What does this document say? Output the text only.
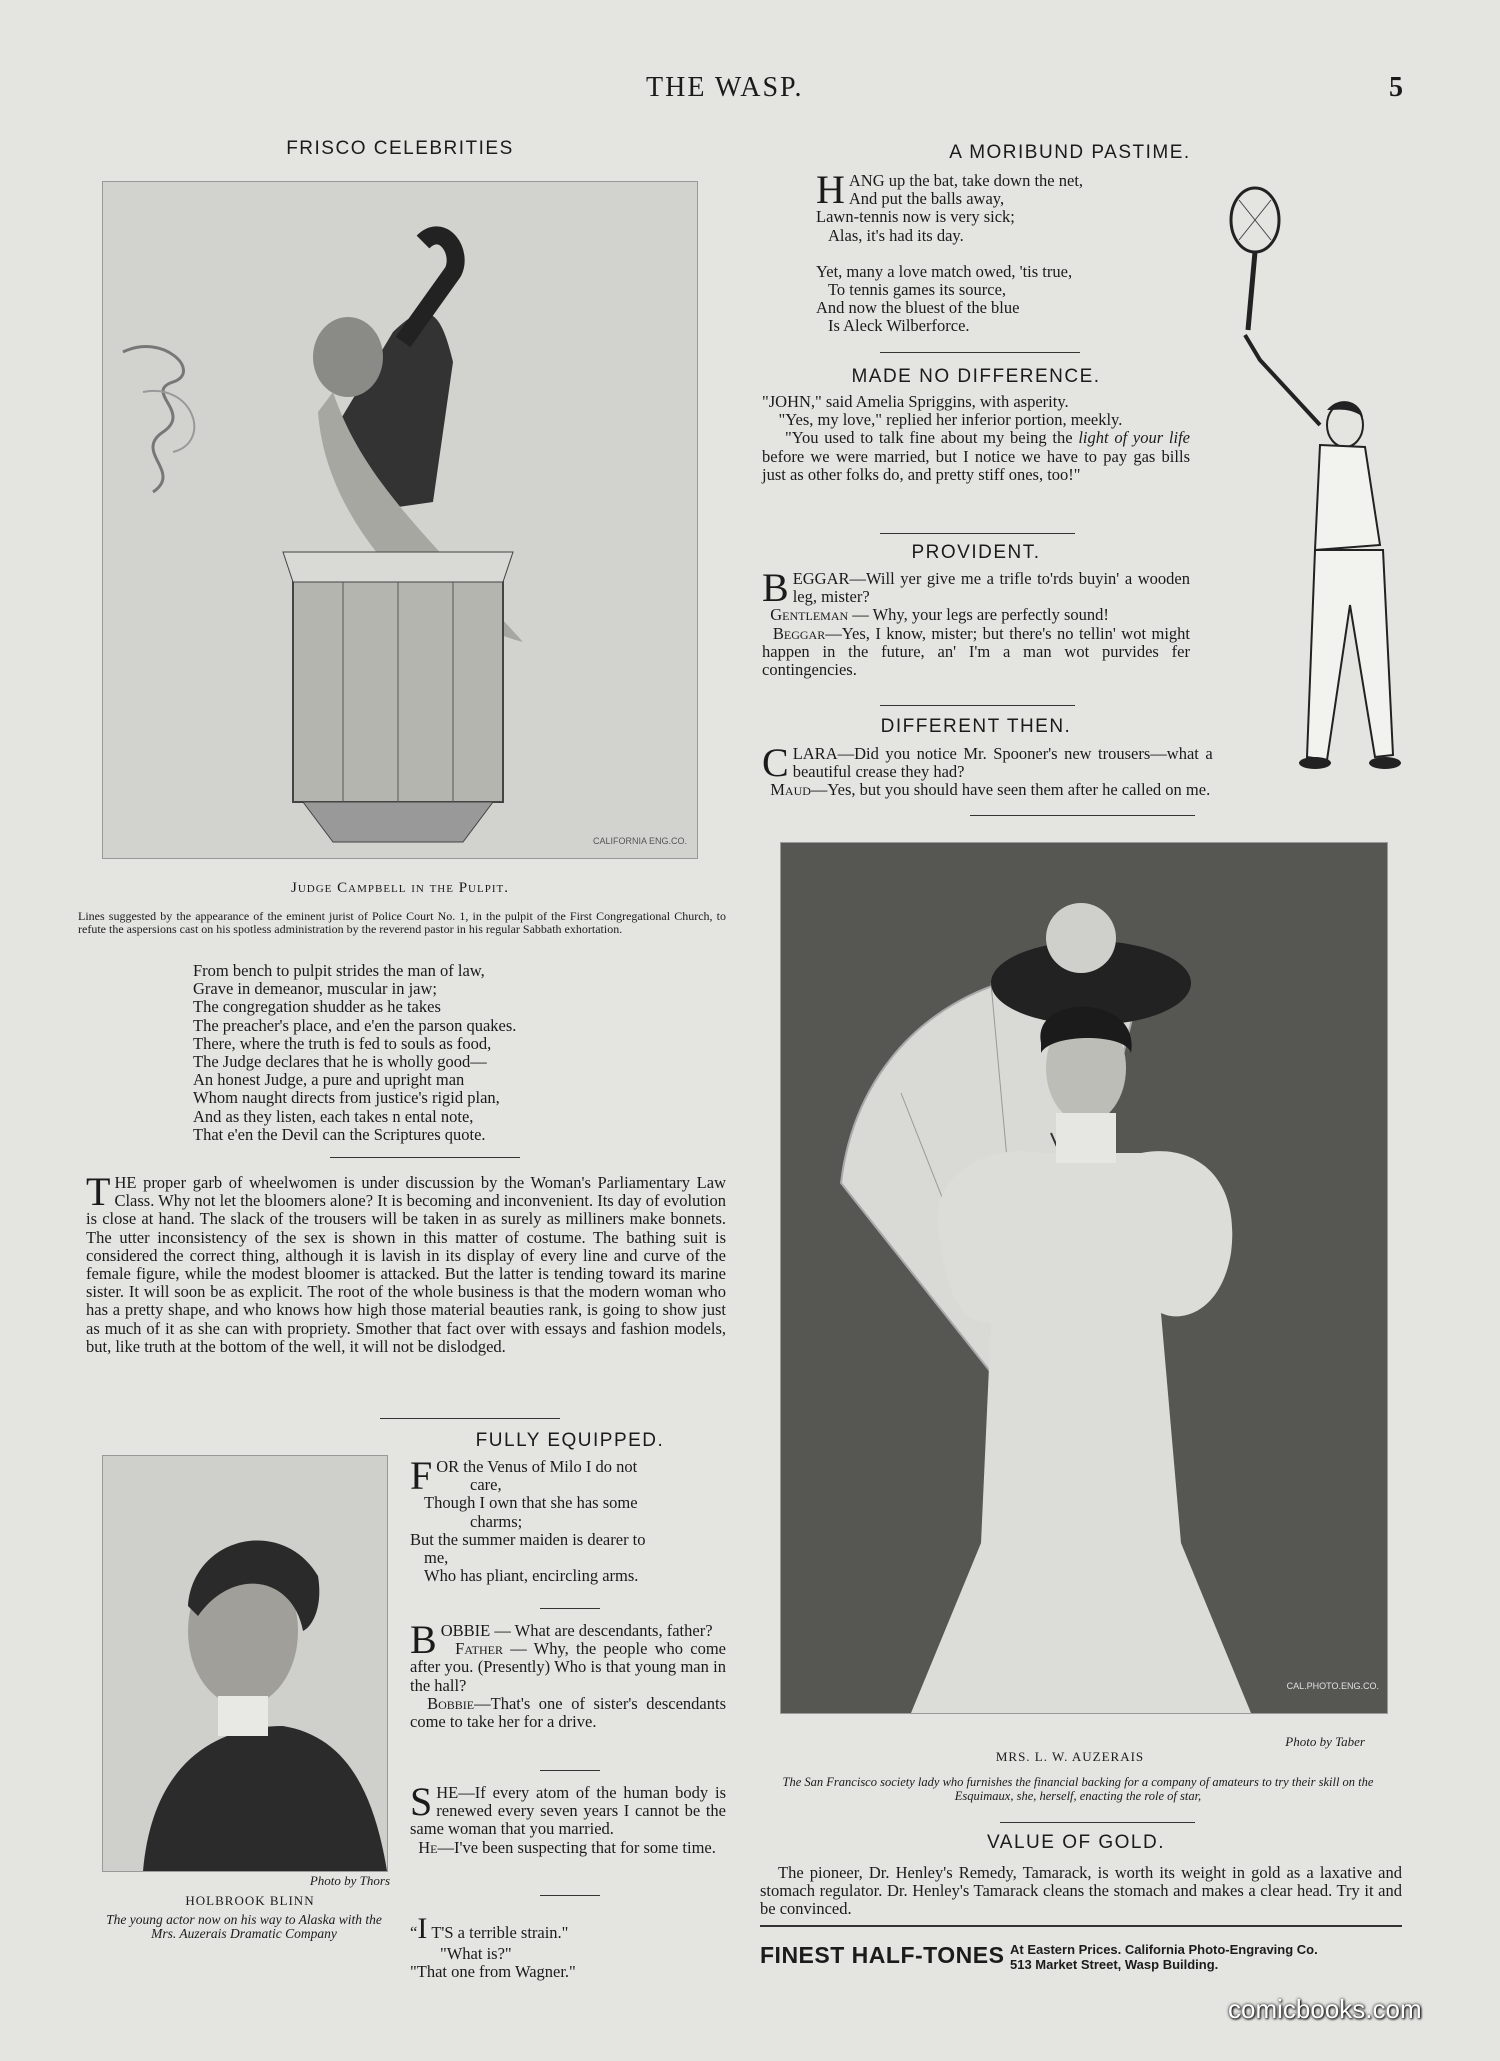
THE WASP.	5
FRISCO CELEBRITIES
CALIFORNIA ENG.CO.
Judge Campbell in the Pulpit.
Lines suggested by the appearance of the eminent jurist of Police Court No. 1, in the pulpit of the First Congregational Church, to refute the aspersions cast on his spotless administration by the reverend pastor in his regular Sabbath exhortation.
From bench to pulpit strides the man of law,
Grave in demeanor, muscular in jaw;
The congregation shudder as he takes
The preacher's place, and e'en the parson quakes.
There, where the truth is fed to souls as food,
The Judge declares that he is wholly good—
An honest Judge, a pure and upright man
Whom naught directs from justice's rigid plan,
And as they listen, each takes n ental note,
That e'en the Devil can the Scriptures quote.
THE proper garb of wheelwomen is under discussion by the Woman's Parliamentary Law Class. Why not let the bloomers alone? It is becoming and inconvenient. Its day of evolution is close at hand. The slack of the trousers will be taken in as surely as milliners make bonnets. The utter inconsistency of the sex is shown in this matter of costume. The bathing suit is considered the correct thing, although it is lavish in its display of every line and curve of the female figure, while the modest bloomer is attacked. But the latter is tending toward its marine sister. It will soon be as explicit. The root of the whole business is that the modern woman who has a pretty shape, and who knows how high those material beauties rank, is going to show just as much of it as she can with propriety. Smother that fact over with essays and fashion models, but, like truth at the bottom of the well, it will not be dislodged.
Photo by Thors
HOLBROOK BLINN
The young actor now on his way to Alaska with the Mrs. Auzerais Dramatic Company
FULLY EQUIPPED.
F OR the Venus of Milo I do not
care,
Though I own that she has some
charms;
But the summer maiden is dearer to
me,
Who has pliant, encircling arms.
BOBBIE — What are descendants, father?
Father — Why, the people who come after you. (Presently) Who is that young man in the hall?
Bobbie—That's one of sister's descendants come to take her for a drive.
SHE—If every atom of the human body is renewed every seven years I cannot be the same woman that you married.
He—I've been suspecting that for some time.
“I T'S a terrible strain."
"What is?"
"That one from Wagner."
A MORIBUND PASTIME.
H ANG up the bat, take down the net,
And put the balls away,
Lawn-tennis now is very sick;
Alas, it's had its day.
Yet, many a love match owed, 'tis true,
To tennis games its source,
And now the bluest of the blue
Is Aleck Wilberforce.
MADE NO DIFFERENCE.
"JOHN," said Amelia Spriggins, with asperity.
"Yes, my love," replied her inferior portion, meekly.
"You used to talk fine about my being the light of your life before we were married, but I notice we have to pay gas bills just as other folks do, and pretty stiff ones, too!"
PROVIDENT.
BEGGAR—Will yer give me a trifle to'rds buyin' a wooden leg, mister?
Gentleman — Why, your legs are perfectly sound!
Beggar—Yes, I know, mister; but there's no tellin' wot might happen in the future, an' I'm a man wot purvides fer contingencies.
DIFFERENT THEN.
C LARA—Did you notice Mr. Spooner's new trousers—what a beautiful crease they had?
Maud—Yes, but you should have seen them after he called on me.
CAL.PHOTO.ENG.CO.
Photo by Taber
MRS. L. W. AUZERAIS
The San Francisco society lady who furnishes the financial backing for a company of amateurs to try their skill on the Esquimaux, she, herself, enacting the role of star,
VALUE OF GOLD.
The pioneer, Dr. Henley's Remedy, Tamarack, is worth its weight in gold as a laxative and stomach regulator. Dr. Henley's Tamarack cleans the stomach and makes a clear head. Try it and be convinced.
FINEST HALF-TONES At Eastern Prices. California Photo-Engraving Co.
513 Market Street, Wasp Building.
comicbooks.com
